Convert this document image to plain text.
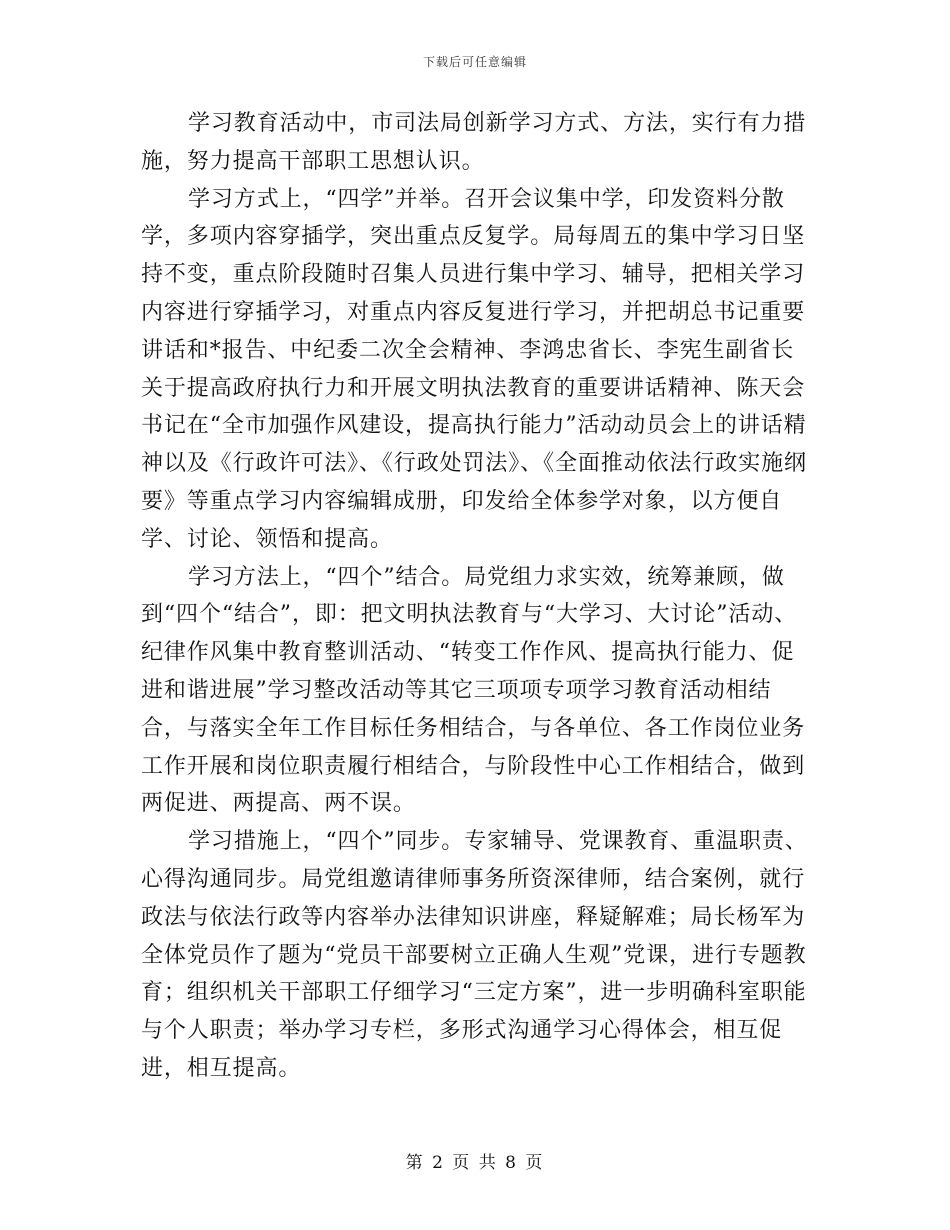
下载后可任意编辑

学习教育活动中，市司法局创新学习方式、方法，实行有力措施，努力提高干部职工思想认识。

学习方式上，“四学”并举。召开会议集中学，印发资料分散学，多项内容穿插学，突出重点反复学。局每周五的集中学习日坚持不变，重点阶段随时召集人员进行集中学习、辅导，把相关学习内容进行穿插学习，对重点内容反复进行学习，并把胡总书记重要讲话和*报告、中纪委二次全会精神、李鸿忠省长、李宪生副省长关于提高政府执行力和开展文明执法教育的重要讲话精神、陈天会书记在“全市加强作风建设，提高执行能力”活动动员会上的讲话精神以及《行政许可法》、《行政处罚法》、《全面推动依法行政实施纲要》等重点学习内容编辑成册，印发给全体参学对象，以方便自学、讨论、领悟和提高。

学习方法上，“四个”结合。局党组力求实效，统筹兼顾，做到“四个“结合”，即：把文明执法教育与“大学习、大讨论”活动、纪律作风集中教育整训活动、“转变工作作风、提高执行能力、促进和谐进展”学习整改活动等其它三项项专项学习教育活动相结合，与落实全年工作目标任务相结合，与各单位、各工作岗位业务工作开展和岗位职责履行相结合，与阶段性中心工作相结合，做到两促进、两提高、两不误。

学习措施上，“四个”同步。专家辅导、党课教育、重温职责、心得沟通同步。局党组邀请律师事务所资深律师，结合案例，就行政法与依法行政等内容举办法律知识讲座，释疑解难；局长杨军为全体党员作了题为“党员干部要树立正确人生观”党课，进行专题教育；组织机关干部职工仔细学习“三定方案”，进一步明确科室职能与个人职责；举办学习专栏，多形式沟通学习心得体会，相互促进，相互提高。

第 2 页 共 8 页
